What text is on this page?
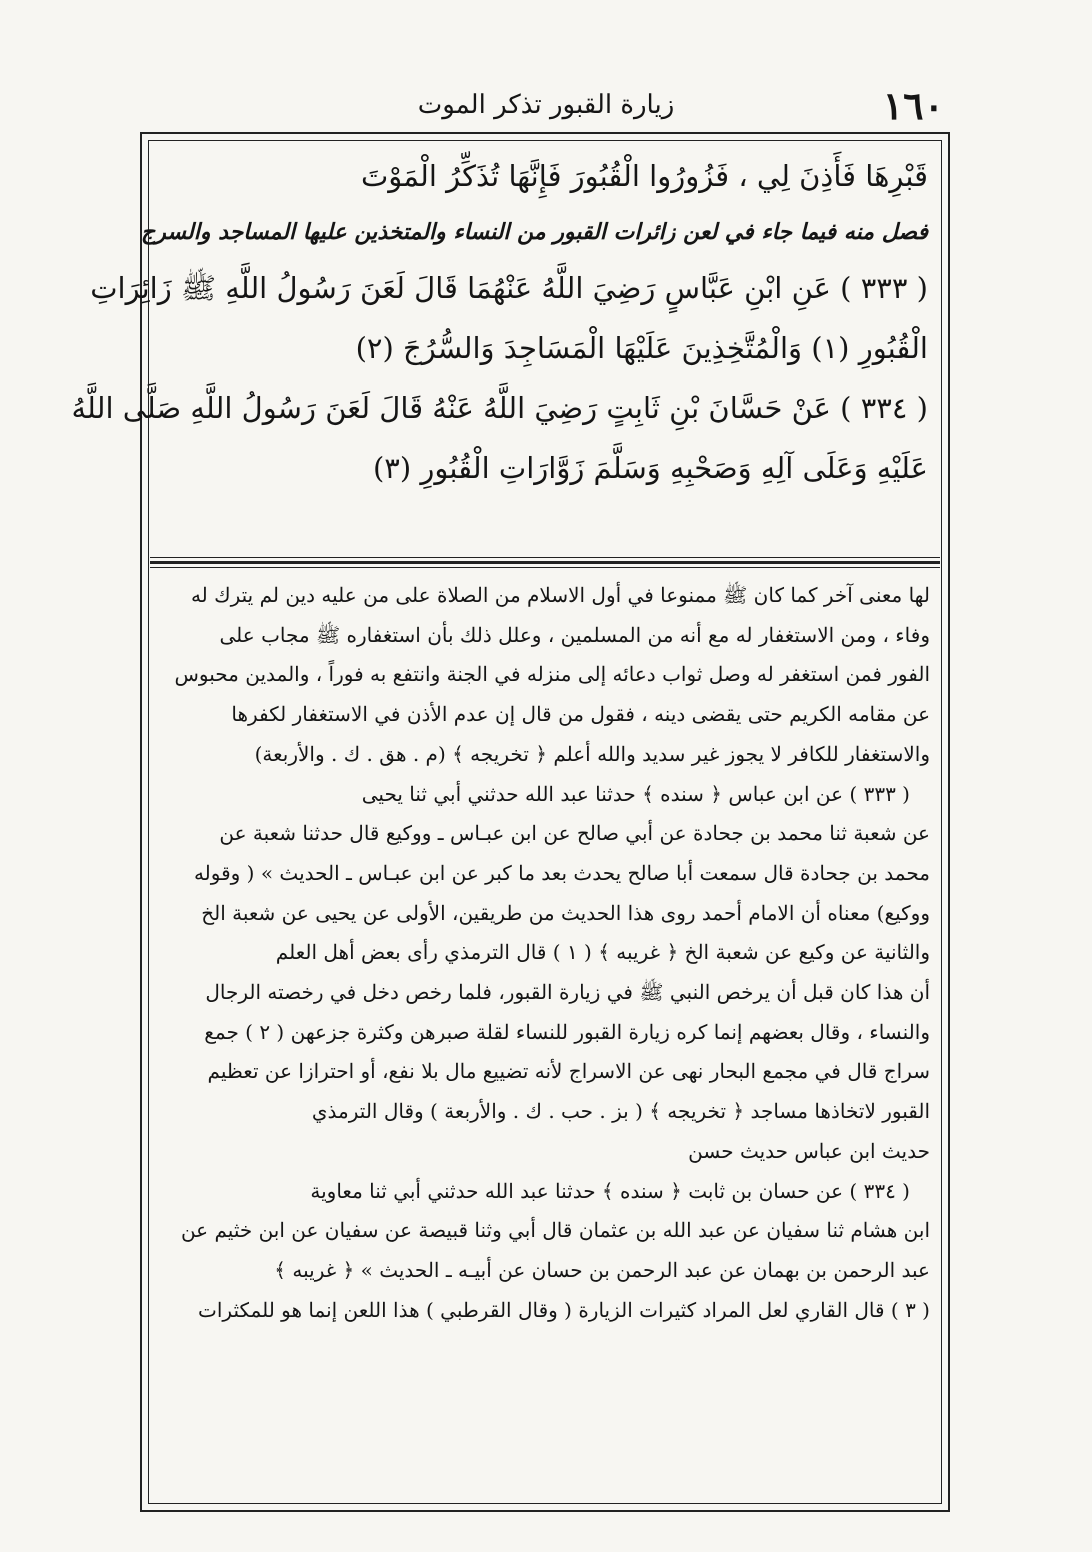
١٦٠
زيارة القبور تذكر الموت

قَبْرِهَا فَأَذِنَ لِي ، فَزُورُوا الْقُبُورَ فَإِنَّهَا تُذَكِّرُ الْمَوْتَ

فصل منه فيما جاء في لعن زائرات القبور من النساء والمتخذين عليها المساجد والسرج

( ٣٣٣ ) عَنِ ابْنِ عَبَّاسٍ رَضِيَ اللَّهُ عَنْهُمَا قَالَ لَعَنَ رَسُولُ اللَّهِ ﷺ زَائِرَاتِ

الْقُبُورِ (١) وَالْمُتَّخِذِينَ عَلَيْهَا الْمَسَاجِدَ وَالسُّرُجَ (٢)

( ٣٣٤ ) عَنْ حَسَّانَ بْنِ ثَابِتٍ رَضِيَ اللَّهُ عَنْهُ قَالَ لَعَنَ رَسُولُ اللَّهِ صَلَّى اللَّهُ

عَلَيْهِ وَعَلَى آلِهِ وَصَحْبِهِ وَسَلَّمَ زَوَّارَاتِ الْقُبُورِ (٣)

لها معنى آخر كما كان ﷺ ممنوعا في أول الاسلام من الصلاة على من عليه دين لم يترك له

وفاء ، ومن الاستغفار له مع أنه من المسلمين ، وعلل ذلك بأن استغفاره ﷺ مجاب على

الفور فمن استغفر له وصل ثواب دعائه إلى منزله في الجنة وانتفع به فوراً ، والمدين محبوس

عن مقامه الكريم حتى يقضى دينه ، فقول من قال إن عدم الأذن في الاستغفار لكفرها

والاستغفار للكافر لا يجوز غير سديد والله أعلم ﴿ تخريجه ﴾ (م . هق . ك . والأربعة)

( ٣٣٣ ) عن ابن عباس ﴿ سنده ﴾ حدثنا عبد الله حدثني أبي ثنا يحيى

عن شعبة ثنا محمد بن جحادة عن أبي صالح عن ابن عبـاس ـ ووكيع قال حدثنا شعبة عن

محمد بن جحادة قال سمعت أبا صالح يحدث بعد ما كبر عن ابن عبـاس ـ الحديث » ( وقوله

ووكيع) معناه أن الامام أحمد روى هذا الحديث من طريقين، الأولى عن يحيى عن شعبة الخ

والثانية عن وكيع عن شعبة الخ ﴿ غريبه ﴾ ( ١ ) قال الترمذي رأى بعض أهل العلم

أن هذا كان قبل أن يرخص النبي ﷺ في زيارة القبور، فلما رخص دخل في رخصته الرجال

والنساء ، وقال بعضهم إنما كره زيارة القبور للنساء لقلة صبرهن وكثرة جزعهن ( ٢ ) جمع

سراج قال في مجمع البحار نهى عن الاسراج لأنه تضييع مال بلا نفع، أو احترازا عن تعظيم

القبور لاتخاذها مساجد ﴿ تخريجه ﴾ ( بز . حب . ك . والأربعة ) وقال الترمذي

حديث ابن عباس حديث حسن

( ٣٣٤ ) عن حسان بن ثابت ﴿ سنده ﴾ حدثنا عبد الله حدثني أبي ثنا معاوية

ابن هشام ثنا سفيان عن عبد الله بن عثمان قال أبي وثنا قبيصة عن سفيان عن ابن خثيم عن

عبد الرحمن بن بهمان عن عبد الرحمن بن حسان عن أبيـه ـ الحديث » ﴿ غريبه ﴾

( ٣ ) قال القاري لعل المراد كثيرات الزيارة ( وقال القرطبي ) هذا اللعن إنما هو للمكثرات
